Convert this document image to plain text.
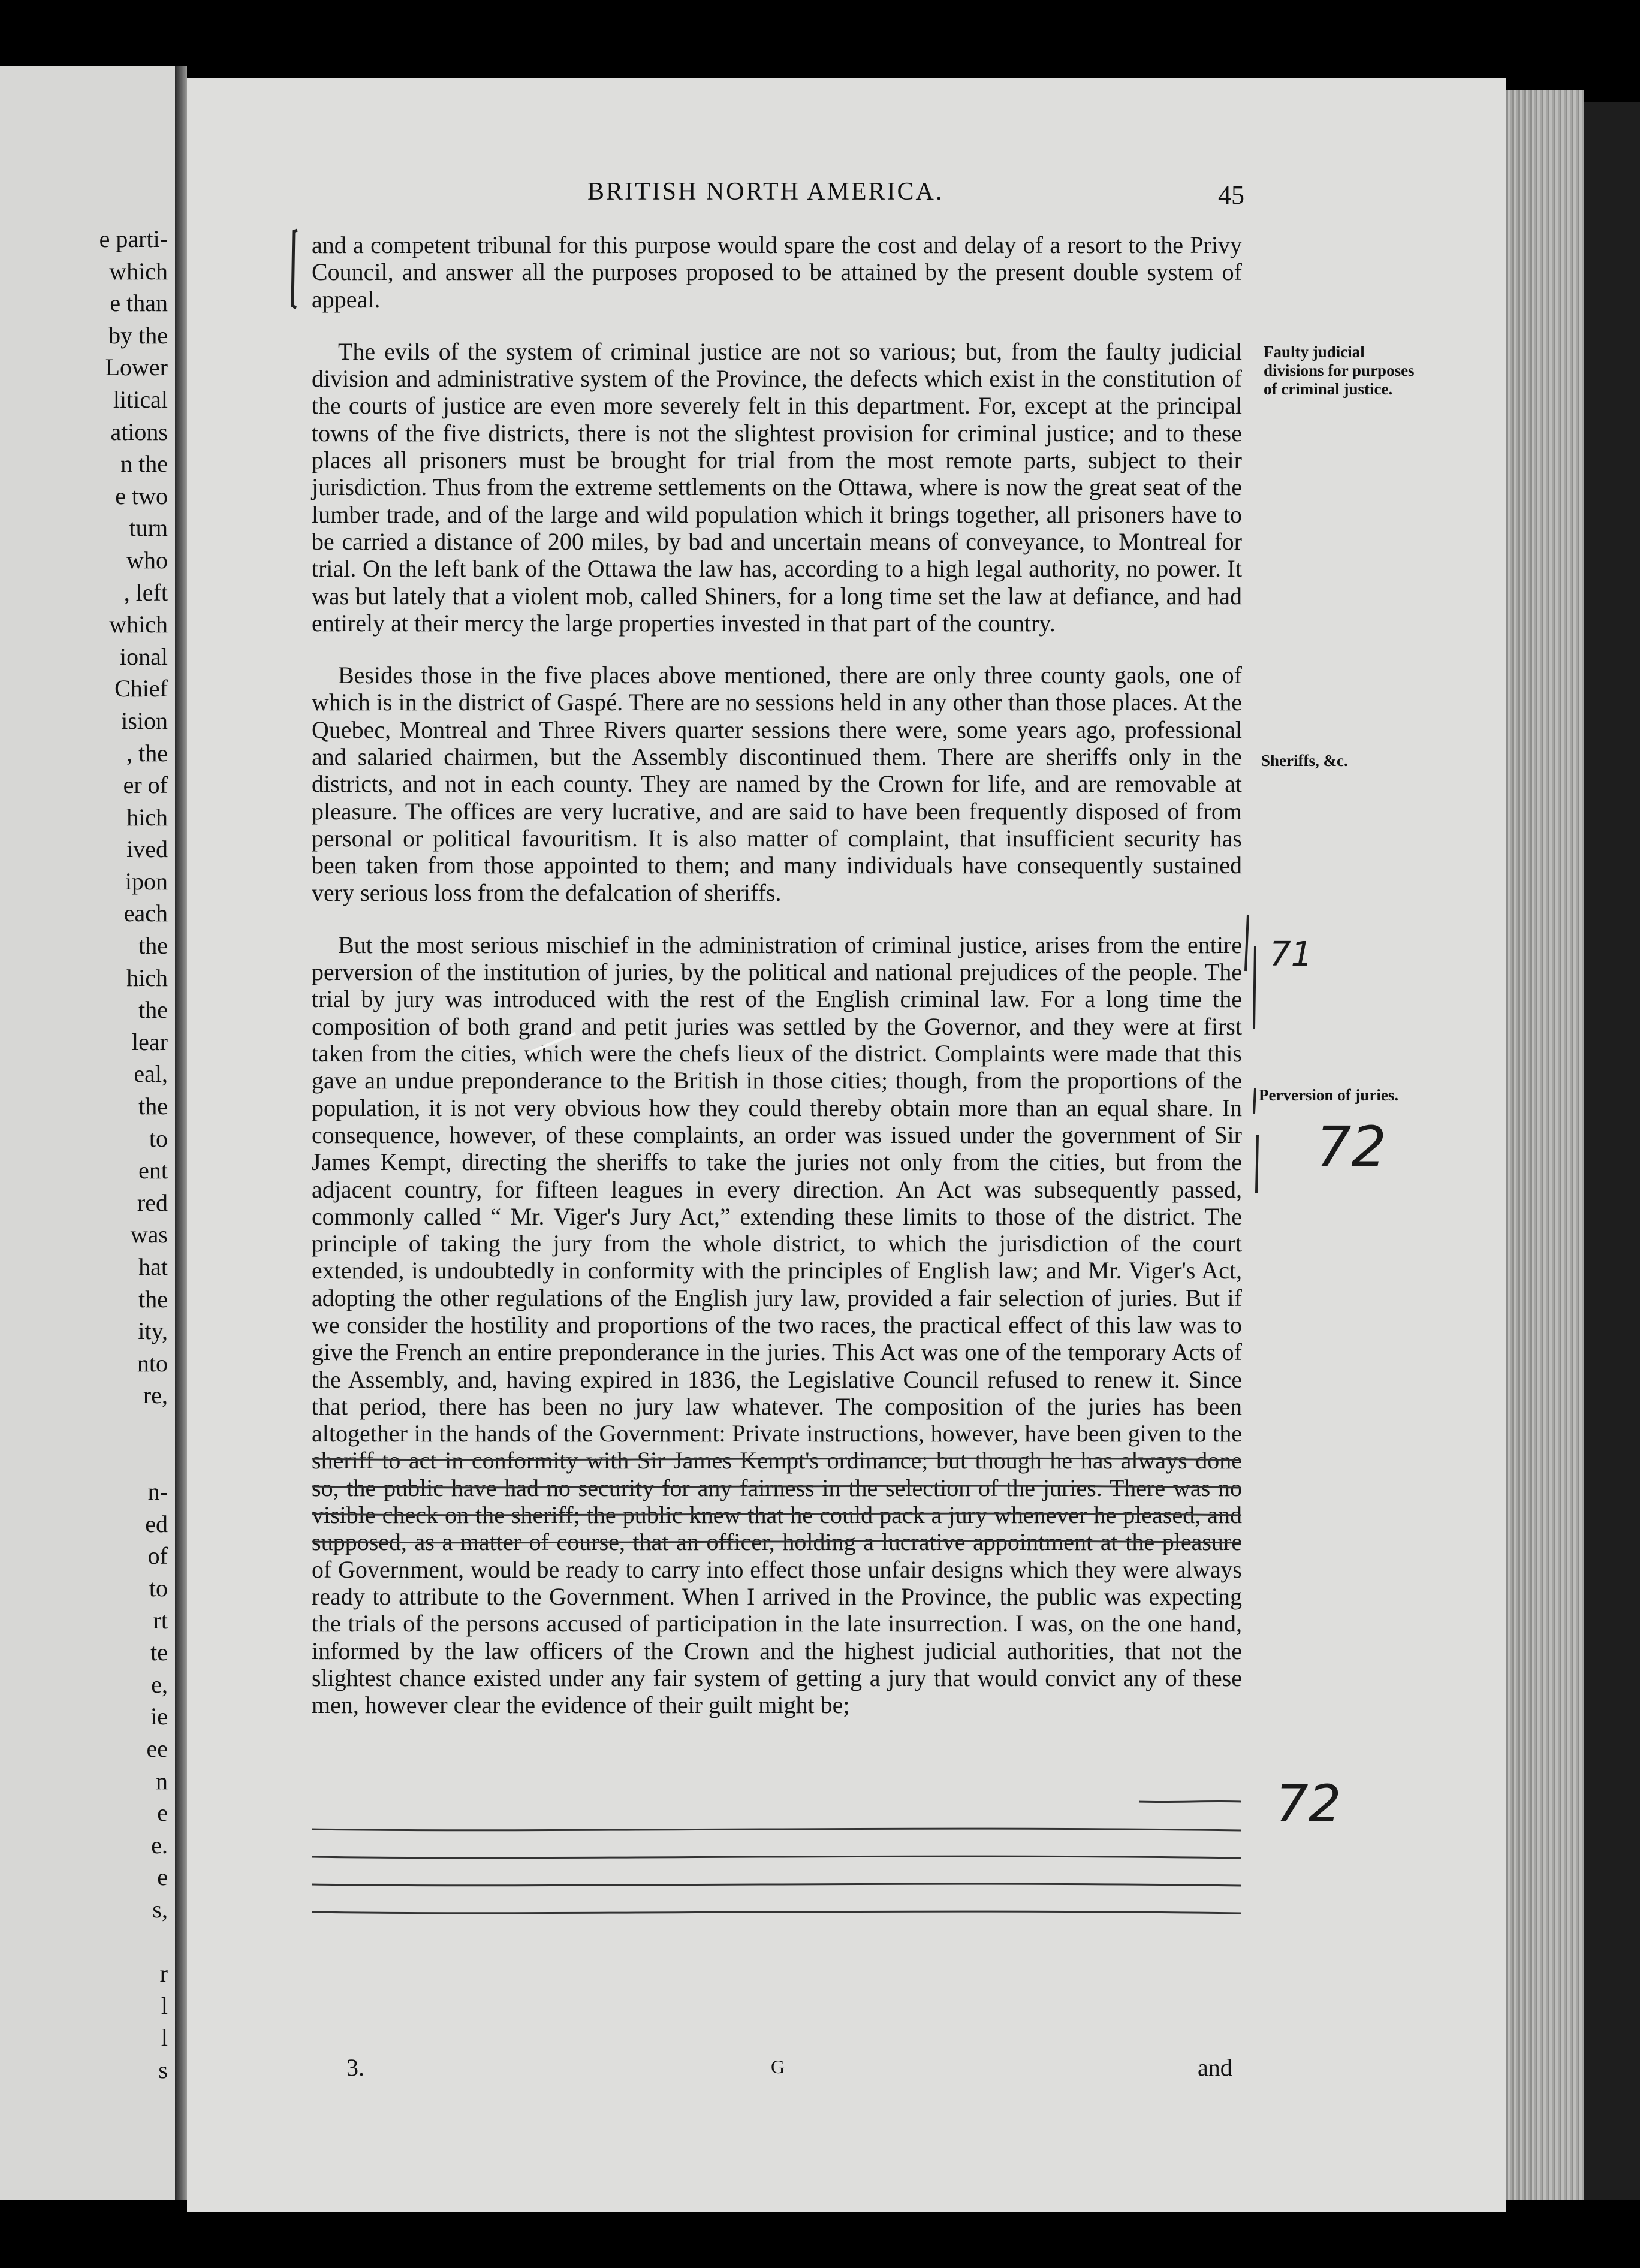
e parti-
which
e than
by the
Lower
litical
ations
n the
e two
turn
who
, left
which
ional
Chief
ision
, the
er of
hich
ived
ipon
each
the
hich
the
lear
eal,
the
to
ent
red
was
hat
the
ity,
nto
re,

n-
ed
of
to
rt
te
e,
ie
ee
n
e
e.
e
s,

r
l
l
s
BRITISH NORTH AMERICA.	45

and a competent tribunal for this purpose would spare the cost and delay of a resort to the Privy Council, and answer all the purposes proposed to be attained by the present double system of appeal.

The evils of the system of criminal justice are not so various; but, from the faulty judicial division and administrative system of the Province, the defects which exist in the constitution of the courts of justice are even more severely felt in this department. For, except at the principal towns of the five districts, there is not the slightest provision for criminal justice; and to these places all prisoners must be brought for trial from the most remote parts, subject to their jurisdiction. Thus from the extreme settlements on the Ottawa, where is now the great seat of the lumber trade, and of the large and wild population which it brings together, all prisoners have to be carried a distance of 200 miles, by bad and uncertain means of conveyance, to Montreal for trial. On the left bank of the Ottawa the law has, according to a high legal authority, no power. It was but lately that a violent mob, called Shiners, for a long time set the law at defiance, and had entirely at their mercy the large properties invested in that part of the country.

Besides those in the five places above mentioned, there are only three county gaols, one of which is in the district of Gaspé. There are no sessions held in any other than those places. At the Quebec, Montreal and Three Rivers quarter sessions there were, some years ago, professional and salaried chairmen, but the Assembly discontinued them. There are sheriffs only in the districts, and not in each county. They are named by the Crown for life, and are removable at pleasure. The offices are very lucrative, and are said to have been frequently disposed of from personal or political favouritism. It is also matter of complaint, that insufficient security has been taken from those appointed to them; and many individuals have consequently sustained very serious loss from the defalcation of sheriffs.

But the most serious mischief in the administration of criminal justice, arises from the entire perversion of the institution of juries, by the political and national prejudices of the people. The trial by jury was introduced with the rest of the English criminal law. For a long time the composition of both grand and petit juries was settled by the Governor, and they were at first taken from the cities, which were the chefs lieux of the district. Complaints were made that this gave an undue preponderance to the British in those cities; though, from the proportions of the population, it is not very obvious how they could thereby obtain more than an equal share. In consequence, however, of these complaints, an order was issued under the government of Sir James Kempt, directing the sheriffs to take the juries not only from the cities, but from the adjacent country, for fifteen leagues in every direction. An Act was subsequently passed, commonly called “ Mr. Viger's Jury Act,” extending these limits to those of the district. The principle of taking the jury from the whole district, to which the jurisdiction of the court extended, is undoubtedly in conformity with the principles of English law; and Mr. Viger's Act, adopting the other regulations of the English jury law, provided a fair selection of juries. But if we consider the hostility and proportions of the two races, the practical effect of this law was to give the French an entire preponderance in the juries. This Act was one of the temporary Acts of the Assembly, and, having expired in 1836, the Legislative Council refused to renew it. Since that period, there has been no jury law whatever. The composition of the juries has been altogether in the hands of the Government: Private instructions, however, have been given to the sheriff to act in conformity with Sir James Kempt's ordinance; but though he has always done so, the public have had no security for any fairness in the selection of the juries. There was no visible check on the sheriff; the public knew that he could pack a jury whenever he pleased, and supposed, as a matter of course, that an officer, holding a lucrative appointment at the pleasure of Government, would be ready to carry into effect those unfair designs which they were always ready to attribute to the Government. When I arrived in the Province, the public was expecting the trials of the persons accused of participation in the late insurrection. I was, on the one hand, informed by the law officers of the Crown and the highest judicial authorities, that not the slightest chance existed under any fair system of getting a jury that would convict any of these men, however clear the evidence of their guilt might be;

Faulty judicial divisions for purposes of criminal justice.
Sheriffs, &c.
Perversion of juries.
71
72
72
3.	G	and
